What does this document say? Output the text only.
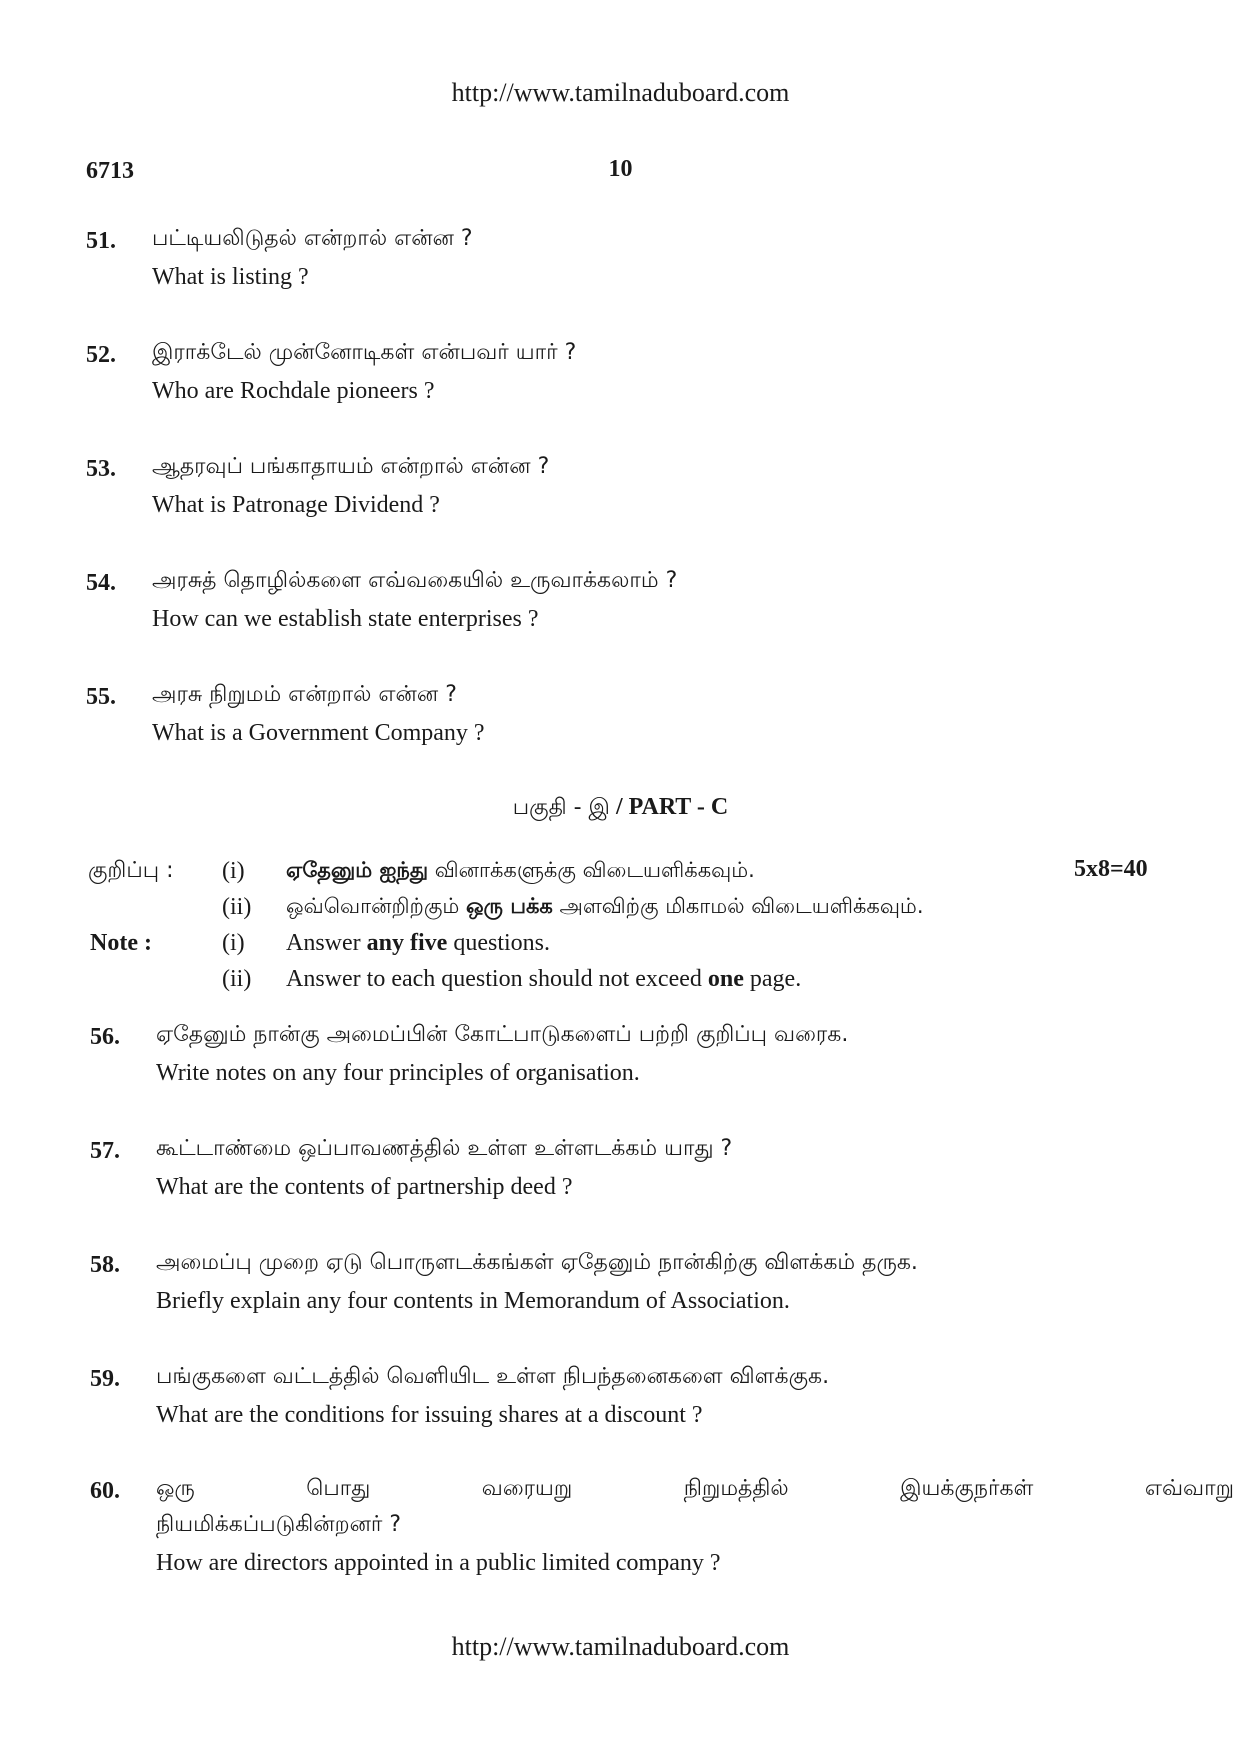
http://www.tamilnaduboard.com
6713	10
51. பட்டியலிடுதல் என்றால் என்ன ?
What is listing ?
52. இராக்டேல் முன்னோடிகள் என்பவர் யார் ?
Who are Rochdale pioneers ?
53. ஆதரவுப் பங்காதாயம் என்றால் என்ன ?
What is Patronage Dividend ?
54. அரசுத் தொழில்களை எவ்வகையில் உருவாக்கலாம் ?
How can we establish state enterprises ?
55. அரசு நிறுமம் என்றால் என்ன ?
What is a Government Company ?
பகுதி - இ / PART - C
குறிப்பு : (i) ஏதேனும் ஐந்து வினாக்களுக்கு விடையளிக்கவும்.	5x8=40
(ii) ஒவ்வொன்றிற்கும் ஒரு பக்க அளவிற்கு மிகாமல் விடையளிக்கவும்.
Note :	(i) Answer any five questions.
(ii) Answer to each question should not exceed one page.
56. ஏதேனும் நான்கு அமைப்பின் கோட்பாடுகளைப் பற்றி குறிப்பு வரைக.
Write notes on any four principles of organisation.
57. கூட்டாண்மை ஒப்பாவணத்தில் உள்ள உள்ளடக்கம் யாது ?
What are the contents of partnership deed ?
58. அமைப்பு முறை ஏடு பொருளடக்கங்கள் ஏதேனும் நான்கிற்கு விளக்கம் தருக.
Briefly explain any four contents in Memorandum of Association.
59. பங்குகளை வட்டத்தில் வெளியிட உள்ள நிபந்தனைகளை விளக்குக.
What are the conditions for issuing shares at a discount ?
60. ஒரு	பொது	வரையறு	நிறுமத்தில்	இயக்குநர்கள்	எவ்வாறு
நியமிக்கப்படுகின்றனர் ?
How are directors appointed in a public limited company ?
http://www.tamilnaduboard.com
